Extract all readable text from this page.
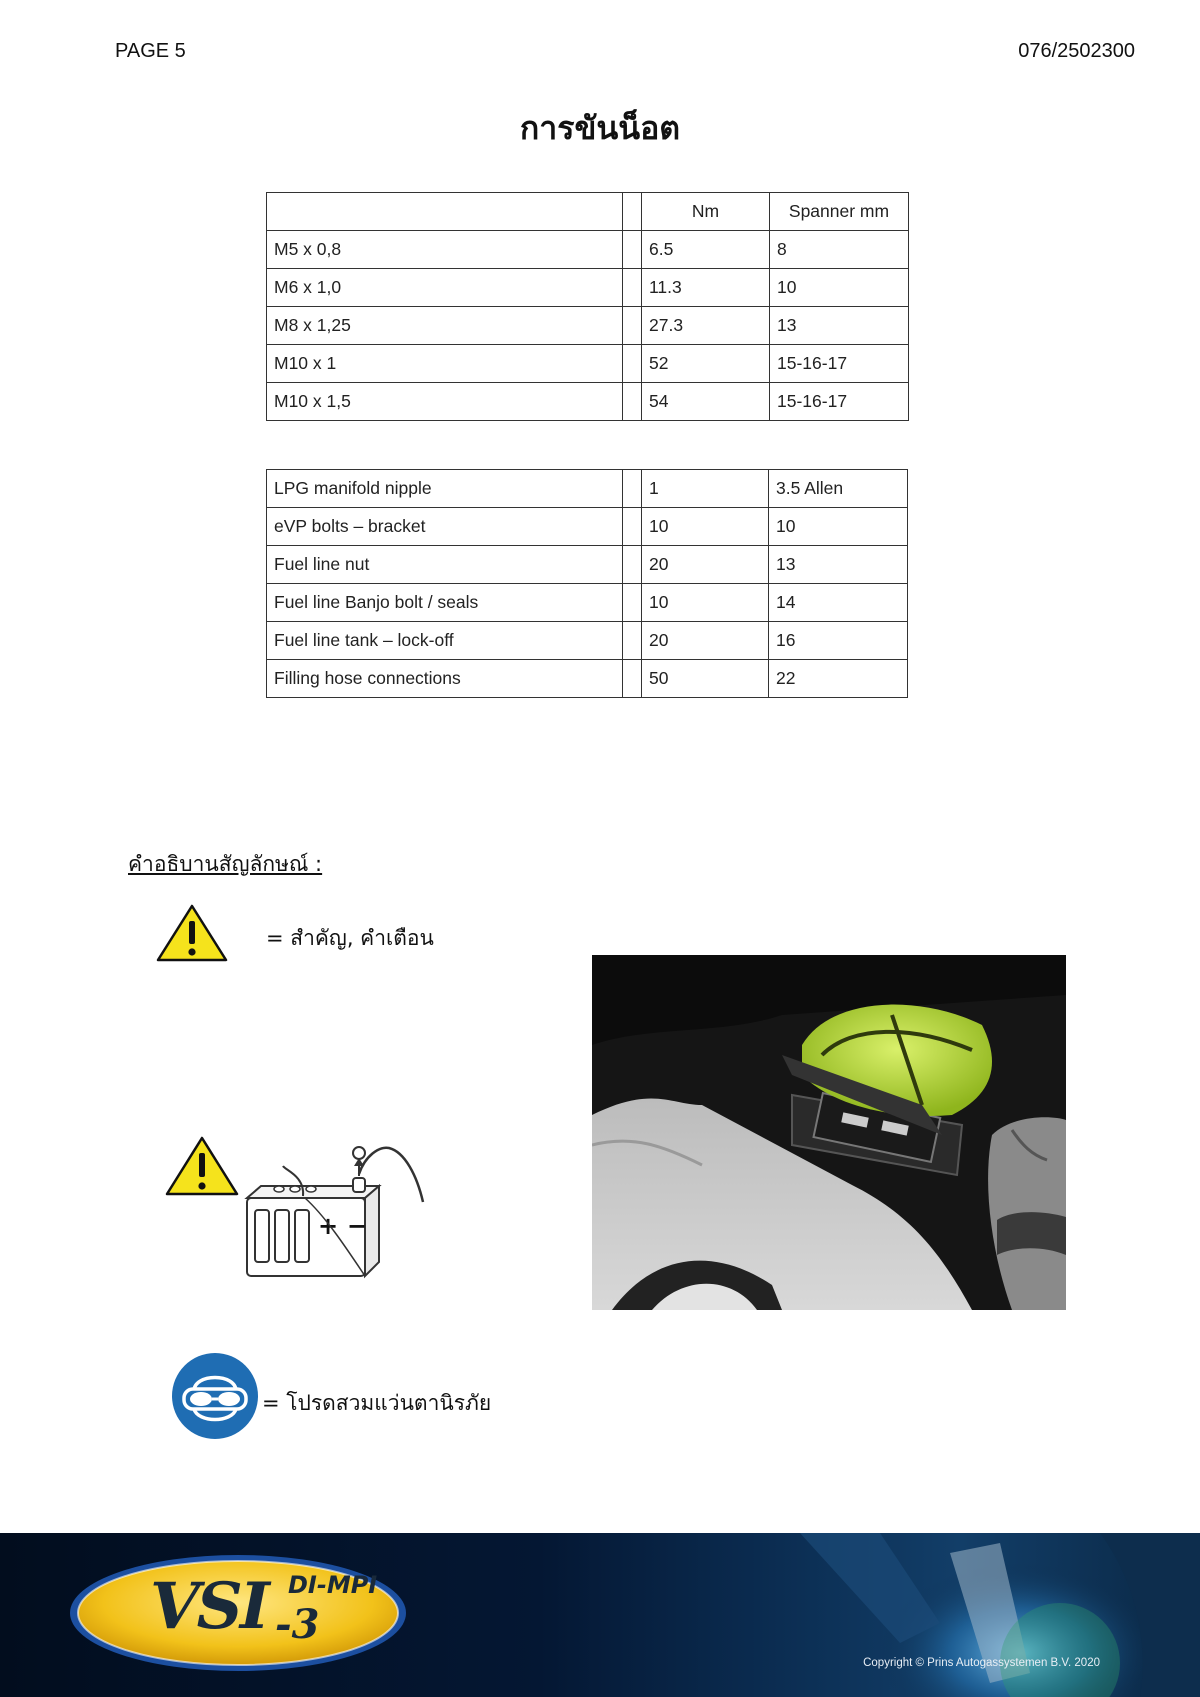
PAGE 5	076/2502300
การขันน็อต
		Nm	Spanner mm
M5 x 0,8		6.5	8
M6 x 1,0		11.3	10
M8 x 1,25		27.3	13
M10 x 1		52	15-16-17
M10 x 1,5		54	15-16-17
LPG manifold nipple		1	3.5 Allen
eVP bolts – bracket		10	10
Fuel line nut		20	13
Fuel line Banjo bolt / seals		10	14
Fuel line tank – lock-off		20	16
Filling hose connections		50	22
คำอธิบานสัญลักษณ์ :
= สำคัญ, คำเตือน
+ −
= โปรดสวมแว่นตานิรภัย
VSI -3
DI-MPI
Copyright © Prins Autogassystemen B.V. 2020
